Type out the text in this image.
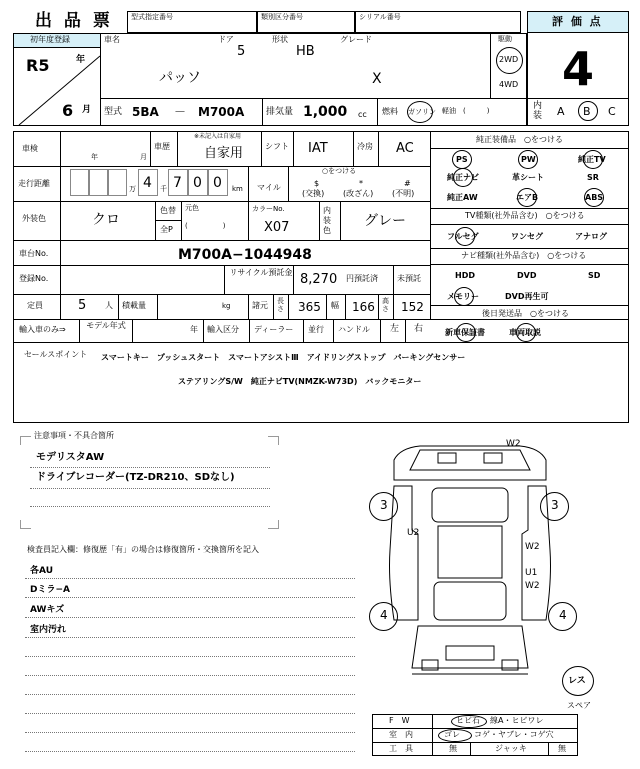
出 品 票	型式指定番号	類別区分番号	シリアル番号	評 価 点
4
内装 A B C
初年度登録
R5	年
6 月
車名	ドア
5
形状
HB
グレード
パッソ	X
駆動
2WD
4WD
型式 5BA － M700A 排気量 1,000 cc 燃料 ガソリン 軽油 (　　　)
車検
年	月
車歴
※未記入は自家用
自家用	シフト IAT	冷房 AC
走行距離
万 4 千 7 0 0 km マイル
○をつける
$
(交換)
*
(改ざん)
#
(不明)
外装色	クロ
色替
全P
元色
(　　　　　)
カラーNo.
X07
内装色
グレー
車台No.	M700A−1044948
登録No.
リサイクル預託金 8,270 円預託済 未預託
定員	5 人 積載量	kg	諸元 長さ 365 幅 166 高さ 152
輸入車のみ⇒	モデル年式	年 輸入区分 ディーラー 並行 ハンドル 左 右
純正装備品　○をつける
PS	PW	純正TV
純正ナビ	革シート	SR
純正AW	エアB	ABS
TV種類(社外品含む)　○をつける
フルセグ	ワンセグ	アナログ
ナビ種類(社外品含む)　○をつける
HDD	DVD	SD
メモリー	DVD再生可
後日発送品　○をつける
新車保証書	車両取説
セールスポイント スマートキー　プッシュスタート　スマートアシストⅢ　アイドリングストップ　パーキングセンサー
ステアリングS/W　純正ナビTV(NMZK-W73D)　バックモニター
注意事項・不具合箇所
モデリスタAW
ドライブレコーダー(TZ-DR210、SDなし)
検査員記入欄：修復歴「有」の場合は修復箇所・交換箇所を記入
各AU
Dミラ−A
AWキズ
室内汚れ
W2
U2
W2
U1
W2
3	3
4	4
レス
スペア
F　W	ヒビ石 線A・ヒビワレ
室　内	ゴレ コゲ・ヤブレ・コゲ穴
工　具	無	ジャッキ	無
